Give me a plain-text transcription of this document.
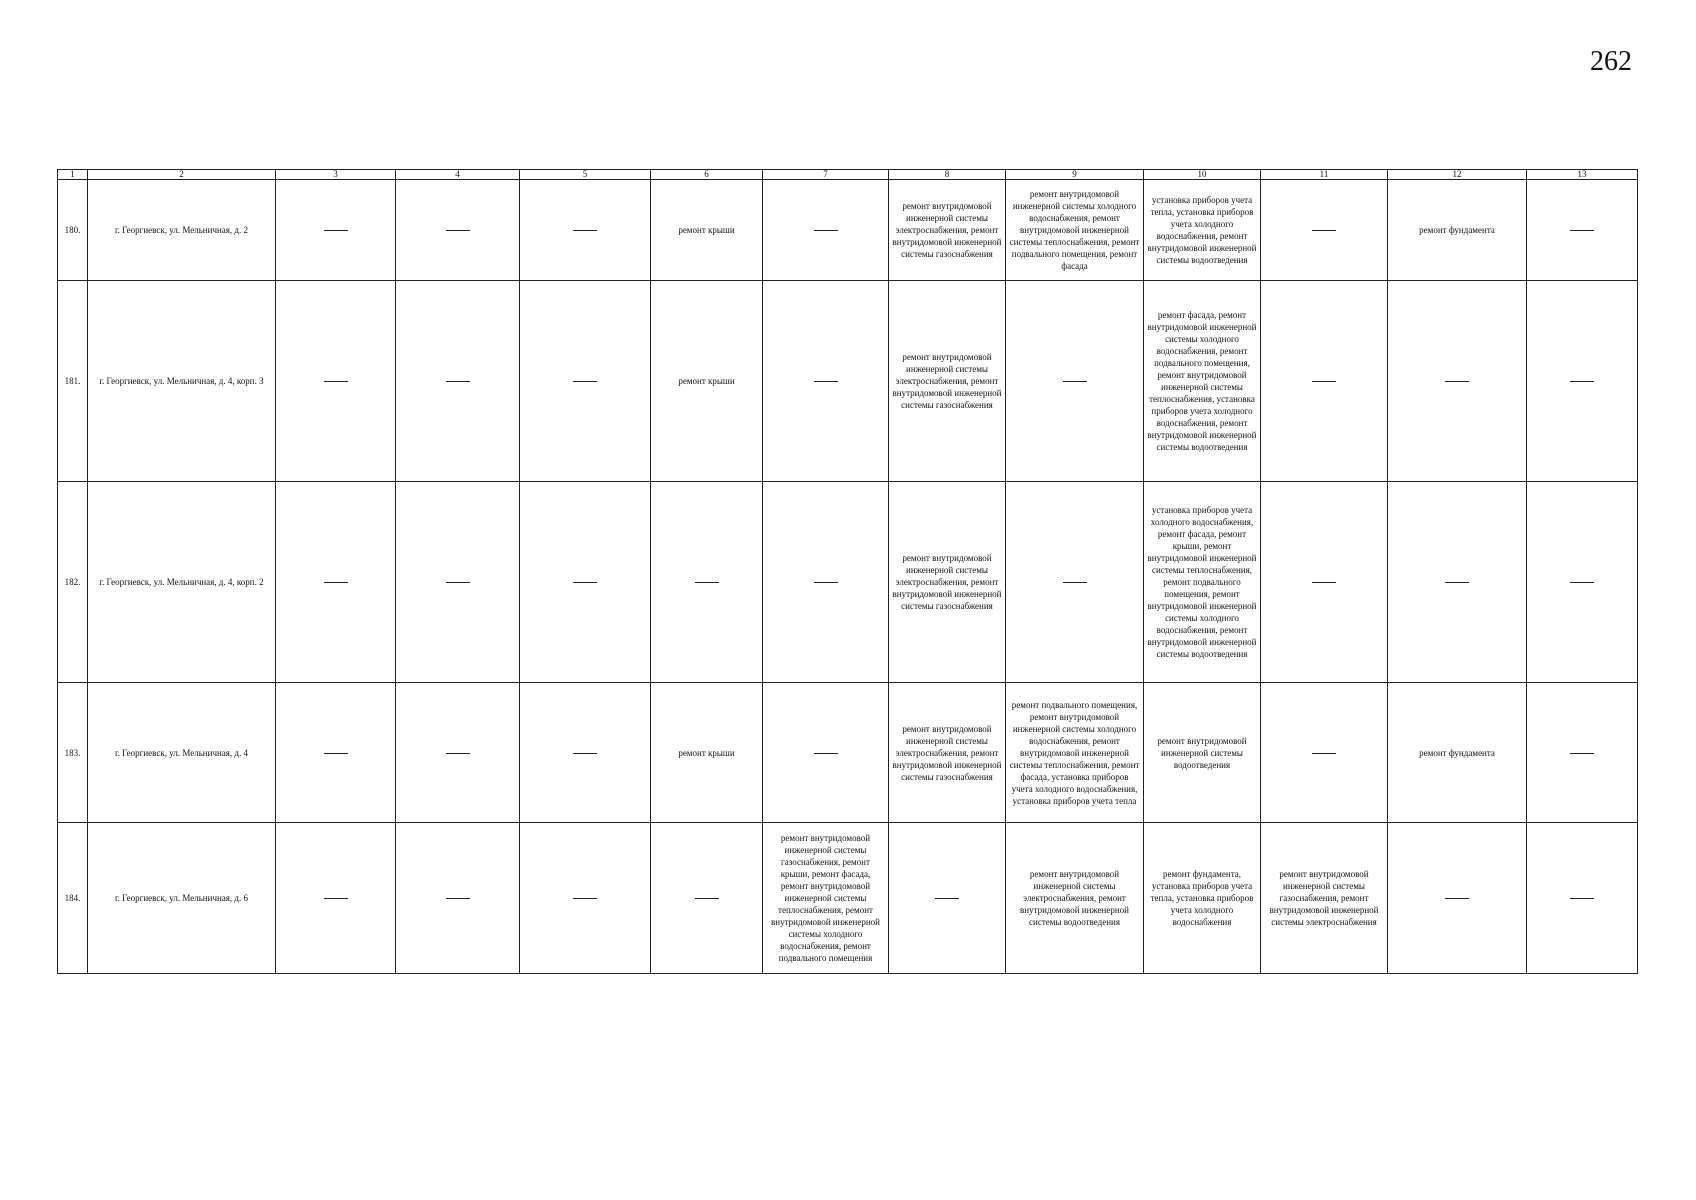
262
1	2	3	4	5	6	7	8	9	10	11	12	13
180.	г. Георгиевск, ул. Мельничная, д. 2				ремонт крыши		ремонт внутридомовой инженерной системы электроснабжения, ремонт внутридомовой инженерной системы газоснабжения	ремонт внутридомовой инженерной системы холодного водоснабжения, ремонт внутридомовой инженерной системы теплоснабжения, ремонт подвального помещения, ремонт фасада	установка приборов учета тепла, установка приборов учета холодного водоснабжения, ремонт внутридомовой инженерной системы водоотведения		ремонт фундамента	
181.	г. Георгиевск, ул. Мельничная, д. 4, корп. 3				ремонт крыши		ремонт внутридомовой инженерной системы электроснабжения, ремонт внутридомовой инженерной системы газоснабжения		ремонт фасада, ремонт внутридомовой инженерной системы холодного водоснабжения, ремонт подвального помещения, ремонт внутридомовой инженерной системы теплоснабжения, установка приборов учета холодного водоснабжения, ремонт внутридомовой инженерной системы водоотведения			
182.	г. Георгиевск, ул. Мельничная, д. 4, корп. 2						ремонт внутридомовой инженерной системы электроснабжения, ремонт внутридомовой инженерной системы газоснабжения		установка приборов учета холодного водоснабжения, ремонт фасада, ремонт крыши, ремонт внутридомовой инженерной системы теплоснабжения, ремонт подвального помещения, ремонт внутридомовой инженерной системы холодного водоснабжения, ремонт внутридомовой инженерной системы водоотведения			
183.	г. Георгиевск, ул. Мельничная, д. 4				ремонт крыши		ремонт внутридомовой инженерной системы электроснабжения, ремонт внутридомовой инженерной системы газоснабжения	ремонт подвального помещения, ремонт внутридомовой инженерной системы холодного водоснабжения, ремонт внутридомовой инженерной системы теплоснабжения, ремонт фасада, установка приборов учета холодного водоснабжения, установка приборов учета тепла	ремонт внутридомовой инженерной системы водоотведения		ремонт фундамента	
184.	г. Георгиевск, ул. Мельничная, д. 6					ремонт внутридомовой инженерной системы газоснабжения, ремонт крыши, ремонт фасада, ремонт внутридомовой инженерной системы теплоснабжения, ремонт внутридомовой инженерной системы холодного водоснабжения, ремонт подвального помещения		ремонт внутридомовой инженерной системы электроснабжения, ремонт внутридомовой инженерной системы водоотведения	ремонт фундамента, установка приборов учета тепла, установка приборов учета холодного водоснабжения	ремонт внутридомовой инженерной системы газоснабжения, ремонт внутридомовой инженерной системы электроснабжения		
